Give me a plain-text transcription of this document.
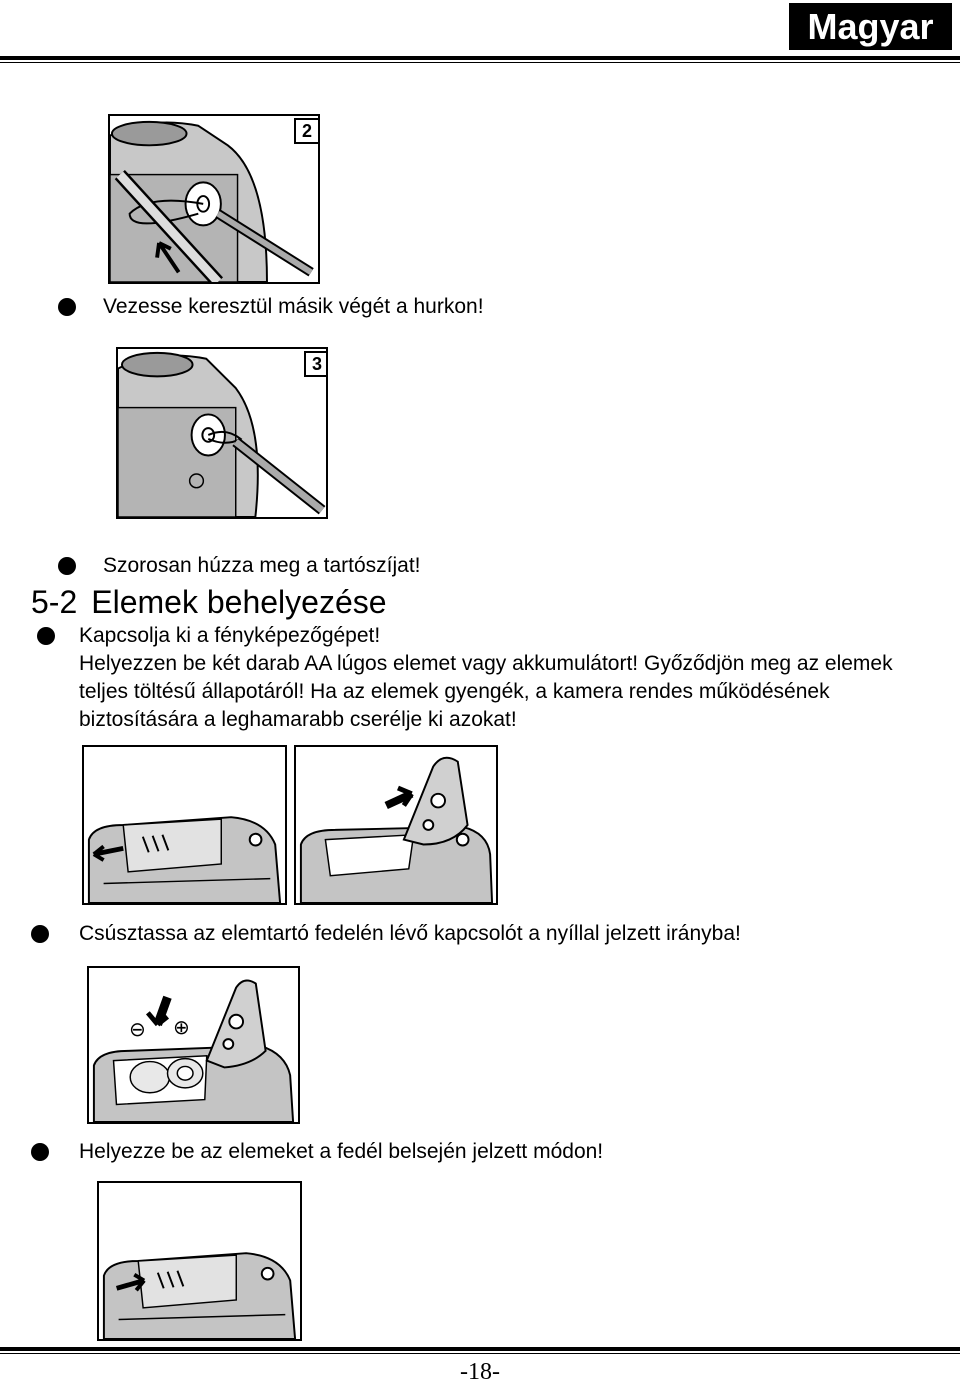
Magyar
2
Vezesse keresztül másik végét a hurkon!
3
Szorosan húzza meg a tartószíjat!
5-2 Elemek behelyezése
Kapcsolja ki a fényképezőgépet!
Helyezzen be két darab AA lúgos elemet vagy akkumulátort! Győződjön meg az elemek teljes töltésű állapotáról! Ha az elemek gyengék, a kamera rendes működésének biztosítására a leghamarabb cserélje ki azokat!
Csúsztassa az elemtartó fedelén lévő kapcsolót a nyíllal jelzett irányba!
⊖ ⊕
Helyezze be az elemeket a fedél belsején jelzett módon!
-18-
